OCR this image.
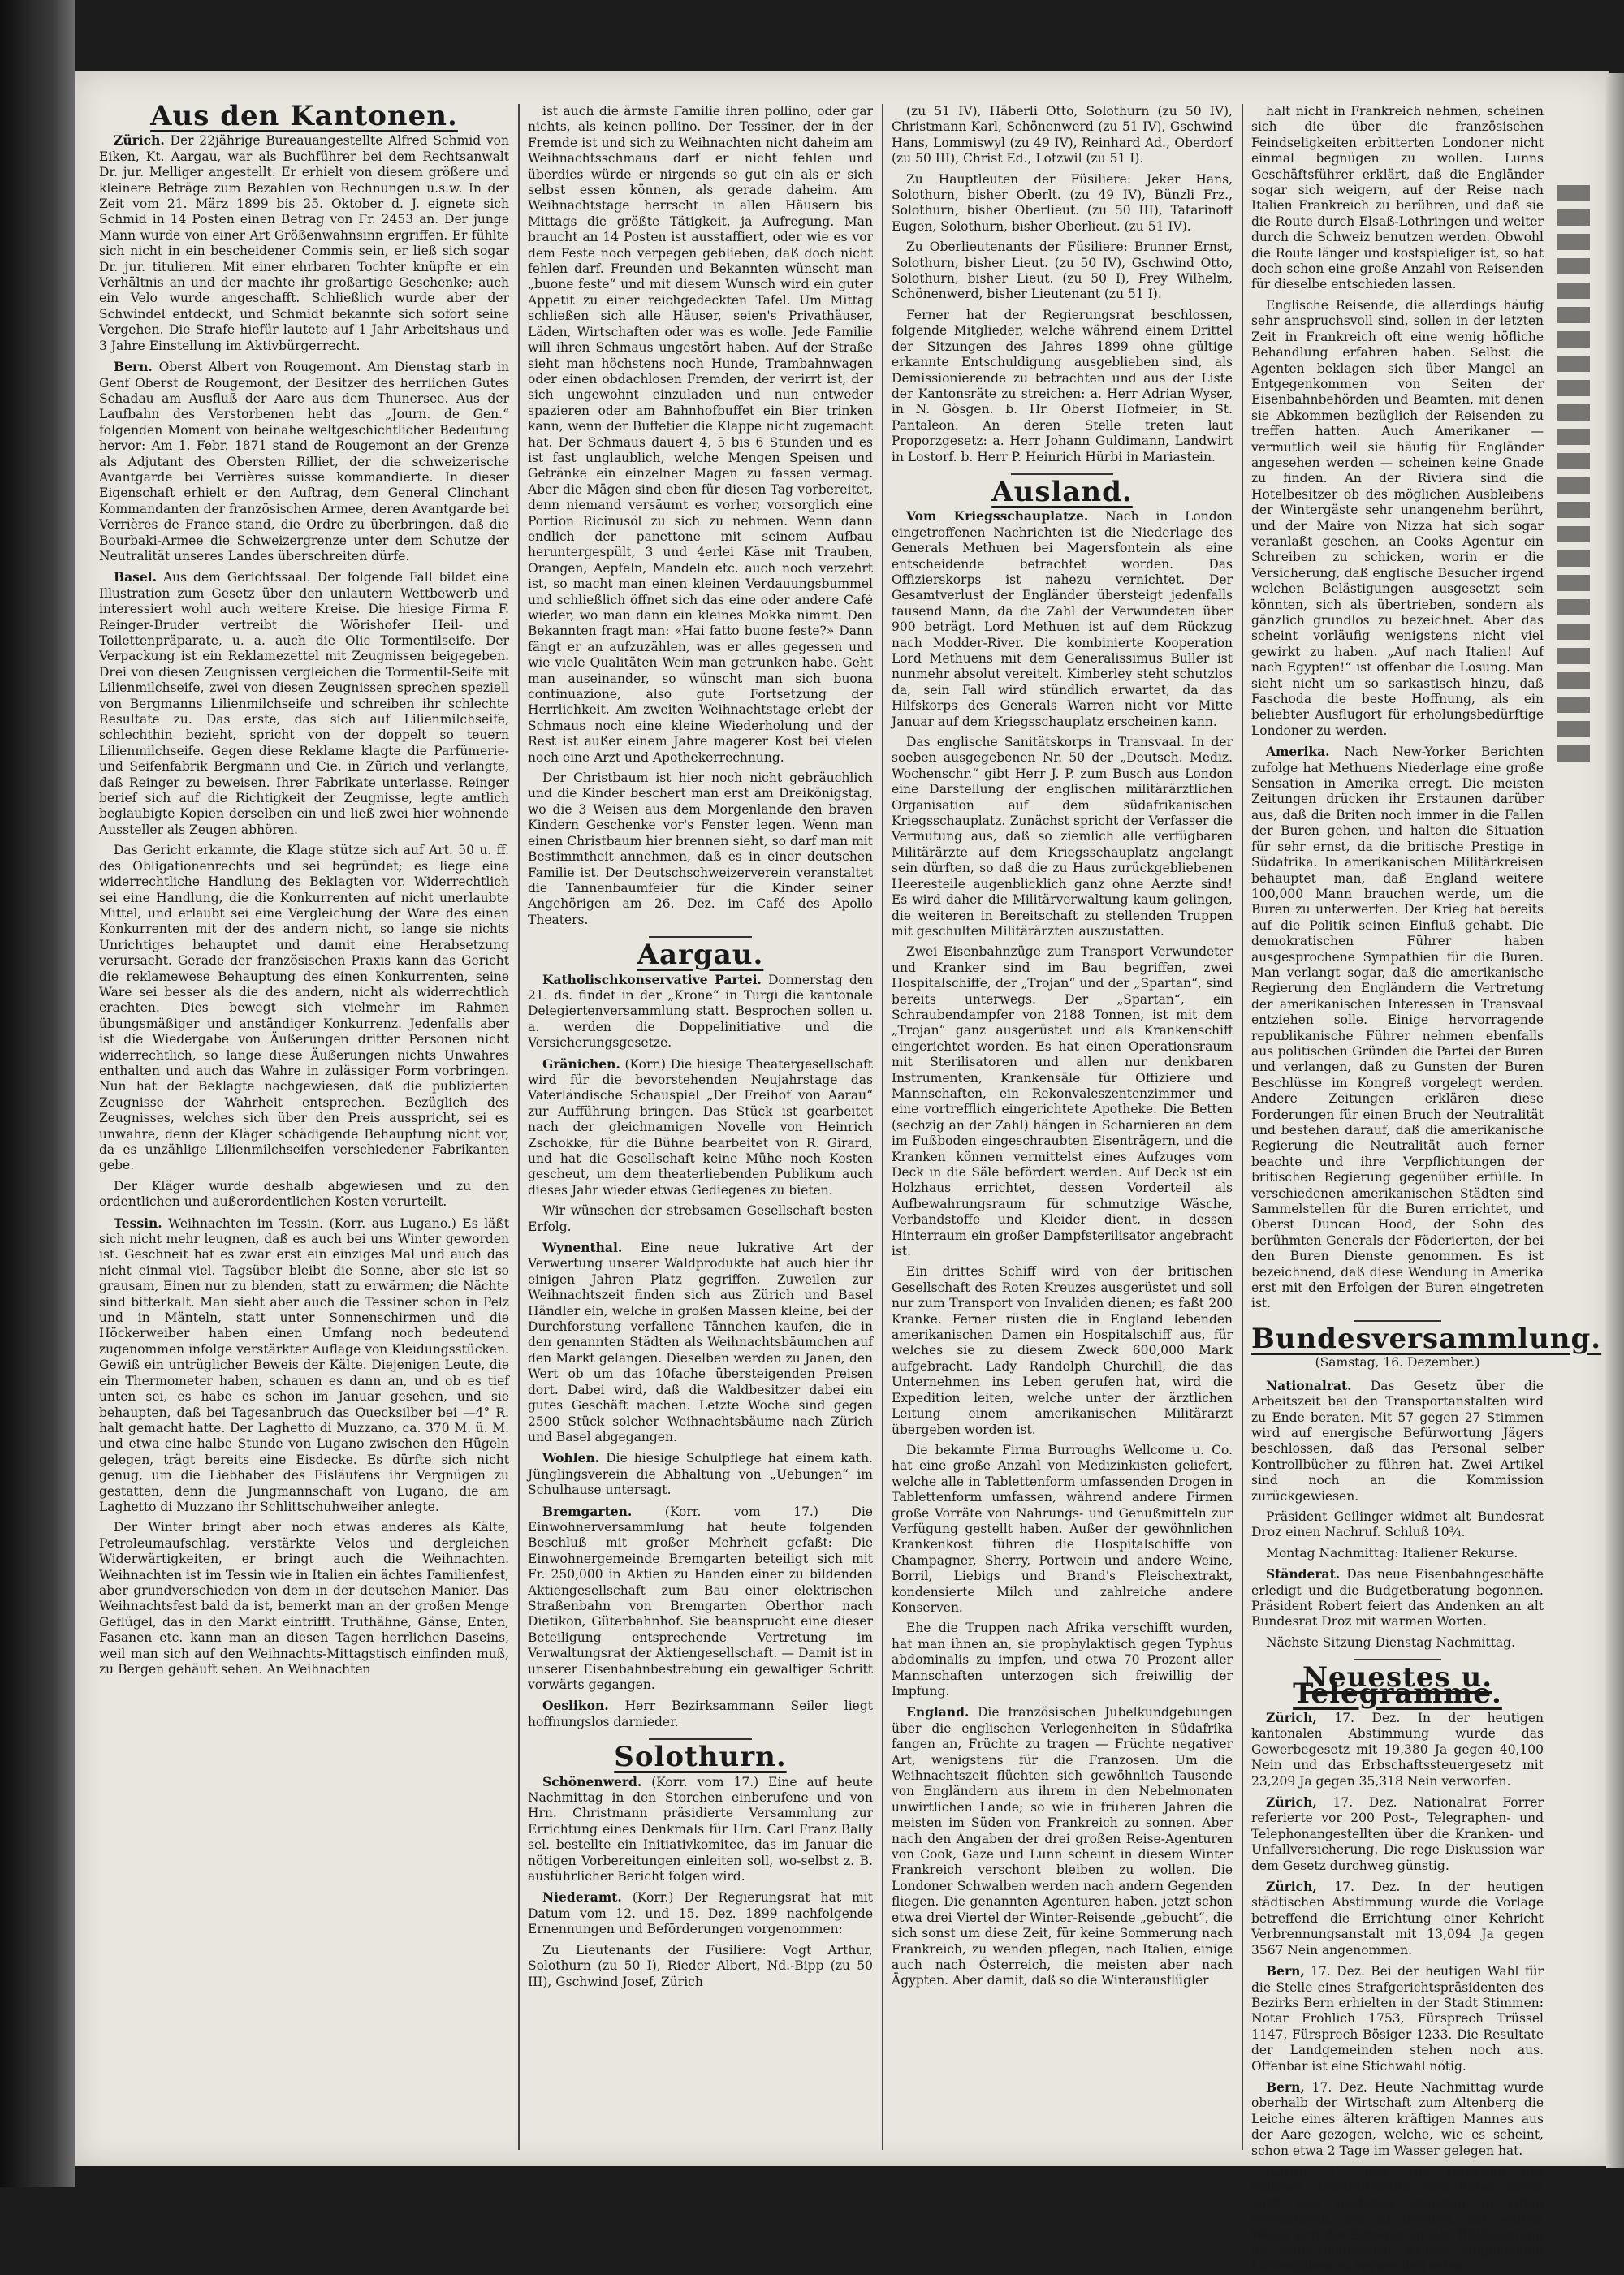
Aus den Kantonen.

Zürich. Der 22jährige Bureauangestellte Alfred Schmid von Eiken, Kt. Aargau, war als Buchführer bei dem Rechtsanwalt Dr. jur. Melliger angestellt. Er erhielt von diesem größere und kleinere Beträge zum Bezahlen von Rechnungen u.s.w. In der Zeit vom 21. März 1899 bis 25. Oktober d. J. eignete sich Schmid in 14 Posten einen Betrag von Fr. 2453 an. Der junge Mann wurde von einer Art Größenwahnsinn ergriffen. Er fühlte sich nicht in ein bescheidener Commis sein, er ließ sich sogar Dr. jur. titulieren. Mit einer ehrbaren Tochter knüpfte er ein Verhältnis an und der machte ihr großartige Geschenke; auch ein Velo wurde angeschafft. Schließlich wurde aber der Schwindel entdeckt, und Schmidt bekannte sich sofort seine Vergehen. Die Strafe hiefür lautete auf 1 Jahr Arbeitshaus und 3 Jahre Einstellung im Aktivbürgerrecht.

Bern. Oberst Albert von Rougemont. Am Dienstag starb in Genf Oberst de Rougemont, der Besitzer des herrlichen Gutes Schadau am Ausfluß der Aare aus dem Thunersee. Aus der Laufbahn des Verstorbenen hebt das „Journ. de Gen.“ folgenden Moment von beinahe weltgeschichtlicher Bedeutung hervor: Am 1. Febr. 1871 stand de Rougemont an der Grenze als Adjutant des Obersten Rilliet, der die schweizerische Avantgarde bei Verrières suisse kommandierte. In dieser Eigenschaft erhielt er den Auftrag, dem General Clinchant Kommandanten der französischen Armee, deren Avantgarde bei Verrières de France stand, die Ordre zu überbringen, daß die Bourbaki-Armee die Schweizergrenze unter dem Schutze der Neutralität unseres Landes überschreiten dürfe.

Basel. Aus dem Gerichtssaal. Der folgende Fall bildet eine Illustration zum Gesetz über den unlautern Wettbewerb und interessiert wohl auch weitere Kreise. Die hiesige Firma F. Reinger-Bruder vertreibt die Wörishofer Heil- und Toilettenpräparate, u. a. auch die Olic Tormentilseife. Der Verpackung ist ein Reklamezettel mit Zeugnissen beigegeben. Drei von diesen Zeugnissen vergleichen die Tormentil-Seife mit Lilienmilchseife, zwei von diesen Zeugnissen sprechen speziell von Bergmanns Lilienmilchseife und schreiben ihr schlechte Resultate zu. Das erste, das sich auf Lilienmilchseife, schlechthin bezieht, spricht von der doppelt so teuern Lilienmilchseife. Gegen diese Reklame klagte die Parfümerie- und Seifenfabrik Bergmann und Cie. in Zürich und verlangte, daß Reinger zu beweisen. Ihrer Fabrikate unterlasse. Reinger berief sich auf die Richtigkeit der Zeugnisse, legte amtlich beglaubigte Kopien derselben ein und ließ zwei hier wohnende Aussteller als Zeugen abhören.

Das Gericht erkannte, die Klage stütze sich auf Art. 50 u. ff. des Obligationenrechts und sei begründet; es liege eine widerrechtliche Handlung des Beklagten vor. Widerrechtlich sei eine Handlung, die die Konkurrenten auf nicht unerlaubte Mittel, und erlaubt sei eine Vergleichung der Ware des einen Konkurrenten mit der des andern nicht, so lange sie nichts Unrichtiges behauptet und damit eine Herabsetzung verursacht. Gerade der französischen Praxis kann das Gericht die reklamewese Behauptung des einen Konkurrenten, seine Ware sei besser als die des andern, nicht als widerrechtlich erachten. Dies bewegt sich vielmehr im Rahmen übungsmäßiger und anständiger Konkurrenz. Jedenfalls aber ist die Wiedergabe von Äußerungen dritter Personen nicht widerrechtlich, so lange diese Äußerungen nichts Unwahres enthalten und auch das Wahre in zulässiger Form vorbringen. Nun hat der Beklagte nachgewiesen, daß die publizierten Zeugnisse der Wahrheit entsprechen. Bezüglich des Zeugnisses, welches sich über den Preis ausspricht, sei es unwahre, denn der Kläger schädigende Behauptung nicht vor, da es unzählige Lilienmilchseifen verschiedener Fabrikanten gebe.

Der Kläger wurde deshalb abgewiesen und zu den ordentlichen und außerordentlichen Kosten verurteilt.

Tessin. Weihnachten im Tessin. (Korr. aus Lugano.) Es läßt sich nicht mehr leugnen, daß es auch bei uns Winter geworden ist. Geschneit hat es zwar erst ein einziges Mal und auch das nicht einmal viel. Tagsüber bleibt die Sonne, aber sie ist so grausam, Einen nur zu blenden, statt zu erwärmen; die Nächte sind bitterkalt. Man sieht aber auch die Tessiner schon in Pelz und in Mänteln, statt unter Sonnenschirmen und die Höckerweiber haben einen Umfang noch bedeutend zugenommen infolge verstärkter Auflage von Kleidungsstücken. Gewiß ein untrüglicher Beweis der Kälte. Diejenigen Leute, die ein Thermometer haben, schauen es dann an, und ob es tief unten sei, es habe es schon im Januar gesehen, und sie behaupten, daß bei Tagesanbruch das Quecksilber bei —4° R. halt gemacht hatte. Der Laghetto di Muzzano, ca. 370 M. ü. M. und etwa eine halbe Stunde von Lugano zwischen den Hügeln gelegen, trägt bereits eine Eisdecke. Es dürfte sich nicht genug, um die Liebhaber des Eisläufens ihr Vergnügen zu gestatten, denn die Jungmannschaft von Lugano, die am Laghetto di Muzzano ihr Schlittschuhweiher anlegte.

Der Winter bringt aber noch etwas anderes als Kälte, Petroleumaufschlag, verstärkte Velos und dergleichen Widerwärtigkeiten, er bringt auch die Weihnachten. Weihnachten ist im Tessin wie in Italien ein ächtes Familienfest, aber grundverschieden von dem in der deutschen Manier. Das Weihnachtsfest bald da ist, bemerkt man an der großen Menge Geflügel, das in den Markt eintrifft. Truthähne, Gänse, Enten, Fasanen etc. kann man an diesen Tagen herrlichen Daseins, weil man sich auf den Weihnachts-Mittagstisch einfinden muß, zu Bergen gehäuft sehen. An Weihnachten

ist auch die ärmste Familie ihren pollino, oder gar nichts, als keinen pollino. Der Tessiner, der in der Fremde ist und sich zu Weihnachten nicht daheim am Weihnachtsschmaus darf er nicht fehlen und überdies würde er nirgends so gut ein als er sich selbst essen können, als gerade daheim. Am Weihnachtstage herrscht in allen Häusern bis Mittags die größte Tätigkeit, ja Aufregung. Man braucht an 14 Posten ist ausstaffiert, oder wie es vor dem Feste noch verpegen geblieben, daß doch nicht fehlen darf. Freunden und Bekannten wünscht man „buone feste“ und mit diesem Wunsch wird ein guter Appetit zu einer reichgedeckten Tafel. Um Mittag schließen sich alle Häuser, seien's Privathäuser, Läden, Wirtschaften oder was es wolle. Jede Familie will ihren Schmaus ungestört haben. Auf der Straße sieht man höchstens noch Hunde, Trambahnwagen oder einen obdachlosen Fremden, der verirrt ist, der sich ungewohnt einzuladen und nun entweder spazieren oder am Bahnhofbuffet ein Bier trinken kann, wenn der Buffetier die Klappe nicht zugemacht hat. Der Schmaus dauert 4, 5 bis 6 Stunden und es ist fast unglaublich, welche Mengen Speisen und Getränke ein einzelner Magen zu fassen vermag. Aber die Mägen sind eben für diesen Tag vorbereitet, denn niemand versäumt es vorher, vorsorglich eine Portion Ricinusöl zu sich zu nehmen. Wenn dann endlich der panettone mit seinem Aufbau heruntergespült, 3 und 4erlei Käse mit Trauben, Orangen, Aepfeln, Mandeln etc. auch noch verzehrt ist, so macht man einen kleinen Verdauungsbummel und schließlich öffnet sich das eine oder andere Café wieder, wo man dann ein kleines Mokka nimmt. Den Bekannten fragt man: «Hai fatto buone feste?» Dann fängt er an aufzuzählen, was er alles gegessen und wie viele Qualitäten Wein man getrunken habe. Geht man auseinander, so wünscht man sich buona continuazione, also gute Fortsetzung der Herrlichkeit. Am zweiten Weihnachtstage erlebt der Schmaus noch eine kleine Wiederholung und der Rest ist außer einem Jahre magerer Kost bei vielen noch eine Arzt und Apothekerrechnung.

Der Christbaum ist hier noch nicht gebräuchlich und die Kinder beschert man erst am Dreikönigstag, wo die 3 Weisen aus dem Morgenlande den braven Kindern Geschenke vor's Fenster legen. Wenn man einen Christbaum hier brennen sieht, so darf man mit Bestimmtheit annehmen, daß es in einer deutschen Familie ist. Der Deutschschweizerverein veranstaltet die Tannenbaumfeier für die Kinder seiner Angehörigen am 26. Dez. im Café des Apollo Theaters.

Aargau.

Katholischkonservative Partei. Donnerstag den 21. ds. findet in der „Krone“ in Turgi die kantonale Delegiertenversammlung statt. Besprochen sollen u. a. werden die Doppelinitiative und die Versicherungsgesetze.

Gränichen. (Korr.) Die hiesige Theatergesellschaft wird für die bevorstehenden Neujahrstage das Vaterländische Schauspiel „Der Freihof von Aarau“ zur Aufführung bringen. Das Stück ist gearbeitet nach der gleichnamigen Novelle von Heinrich Zschokke, für die Bühne bearbeitet von R. Girard, und hat die Gesellschaft keine Mühe noch Kosten gescheut, um dem theaterliebenden Publikum auch dieses Jahr wieder etwas Gediegenes zu bieten.

Wir wünschen der strebsamen Gesellschaft besten Erfolg.

Wynenthal. Eine neue lukrative Art der Verwertung unserer Waldprodukte hat auch hier ihr einigen Jahren Platz gegriffen. Zuweilen zur Weihnachtszeit finden sich aus Zürich und Basel Händler ein, welche in großen Massen kleine, bei der Durchforstung verfallene Tännchen kaufen, die in den genannten Städten als Weihnachtsbäumchen auf den Markt gelangen. Dieselben werden zu Janen, den Wert ob um das 10fache übersteigenden Preisen dort. Dabei wird, daß die Waldbesitzer dabei ein gutes Geschäft machen. Letzte Woche sind gegen 2500 Stück solcher Weihnachtsbäume nach Zürich und Basel abgegangen.

Wohlen. Die hiesige Schulpflege hat einem kath. Jünglingsverein die Abhaltung von „Uebungen“ im Schulhause untersagt.

Bremgarten.	(Korr. vom 17.) Die Einwohnerversammlung hat heute folgenden Beschluß mit großer Mehrheit gefaßt: Die Einwohnergemeinde Bremgarten beteiligt sich mit Fr. 250,000 in Aktien zu Handen einer zu bildenden Aktiengesellschaft zum Bau einer elektrischen Straßenbahn von Bremgarten Oberthor nach Dietikon, Güterbahnhof. Sie beansprucht eine dieser Beteiligung entsprechende Vertretung im Verwaltungsrat der Aktiengesellschaft. — Damit ist in unserer Eisenbahnbestrebung ein gewaltiger Schritt vorwärts gegangen.

Oeslikon. Herr Bezirksammann Seiler liegt hoffnungslos darnieder.

Solothurn.

Schönenwerd. (Korr. vom 17.) Eine auf heute Nachmittag in den Storchen einberufene und von Hrn. Christmann präsidierte Versammlung zur Errichtung eines Denkmals für Hrn. Carl Franz Bally sel. bestellte ein Initiativkomitee, das im Januar die nötigen Vorbereitungen einleiten soll, wo-selbst z. B. ausführlicher Bericht folgen wird.

Niederamt. (Korr.) Der Regierungsrat hat mit Datum vom 12. und 15. Dez. 1899 nachfolgende Ernennungen und Beförderungen vorgenommen:

Zu Lieutenants der Füsiliere: Vogt Arthur, Solothurn (zu 50 I), Rieder Albert, Nd.-Bipp (zu 50 III), Gschwind Josef, Zürich

(zu 51 IV), Häberli Otto, Solothurn (zu 50 IV), Christmann Karl, Schönenwerd (zu 51 IV), Gschwind Hans, Lommiswyl (zu 49 IV), Reinhard Ad., Oberdorf (zu 50 III), Christ Ed., Lotzwil (zu 51 I).

Zu Hauptleuten der Füsiliere: Jeker Hans, Solothurn, bisher Oberlt. (zu 49 IV), Bünzli Frz., Solothurn, bisher Oberlieut. (zu 50 III), Tatarinoff Eugen, Solothurn, bisher Oberlieut. (zu 51 IV).

Zu Oberlieutenants der Füsiliere: Brunner Ernst, Solothurn, bisher Lieut. (zu 50 IV), Gschwind Otto, Solothurn, bisher Lieut. (zu 50 I), Frey Wilhelm, Schönenwerd, bisher Lieutenant (zu 51 I).

Ferner hat der Regierungsrat beschlossen, folgende Mitglieder, welche während einem Drittel der Sitzungen des Jahres 1899 ohne gültige erkannte Entschuldigung ausgeblieben sind, als Demissionierende zu betrachten und aus der Liste der Kantonsräte zu streichen: a. Herr Adrian Wyser, in N. Gösgen. b. Hr. Oberst Hofmeier, in St. Pantaleon. An deren Stelle treten laut Proporzgesetz: a. Herr Johann Guldimann, Landwirt in Lostorf. b. Herr P. Heinrich Hürbi in Mariastein.

Ausland.

Vom Kriegsschauplatze. Nach in London eingetroffenen Nachrichten ist die Niederlage des Generals Methuen bei Magersfontein als eine entscheidende betrachtet worden. Das Offizierskorps ist nahezu vernichtet. Der Gesamtverlust der Engländer übersteigt jedenfalls tausend Mann, da die Zahl der Verwundeten über 900 beträgt. Lord Methuen ist auf dem Rückzug nach Modder-River. Die kombinierte Kooperation Lord Methuens mit dem Generalissimus Buller ist nunmehr absolut vereitelt. Kimberley steht schutzlos da, sein Fall wird stündlich erwartet, da das Hilfskorps des Generals Warren nicht vor Mitte Januar auf dem Kriegsschauplatz erscheinen kann.

Das englische Sanitätskorps in Transvaal. In der soeben ausgegebenen Nr. 50 der „Deutsch. Mediz. Wochenschr.“ gibt Herr J. P. zum Busch aus London eine Darstellung der englischen militärärztlichen Organisation auf dem südafrikanischen Kriegsschauplatz. Zunächst spricht der Verfasser die Vermutung aus, daß so ziemlich alle verfügbaren Militärärzte auf dem Kriegsschauplatz angelangt sein dürften, so daß die zu Haus zurückgebliebenen Heeresteile augenblicklich ganz ohne Aerzte sind! Es wird daher die Militärverwaltung kaum gelingen, die weiteren in Bereitschaft zu stellenden Truppen mit geschulten Militärärzten auszustatten.

Zwei Eisenbahnzüge zum Transport Verwundeter und Kranker sind im Bau begriffen, zwei Hospitalschiffe, der „Trojan“ und der „Spartan“, sind bereits unterwegs. Der „Spartan“, ein Schraubendampfer von 2188 Tonnen, ist mit dem „Trojan“ ganz ausgerüstet und als Krankenschiff eingerichtet worden. Es hat einen Operationsraum mit Sterilisatoren und allen nur denkbaren Instrumenten, Krankensäle für Offiziere und Mannschaften, ein Rekonvaleszentenzimmer und eine vortrefflich eingerichtete Apotheke. Die Betten (sechzig an der Zahl) hängen in Scharnieren an dem im Fußboden eingeschraubten Eisenträgern, und die Kranken können vermittelst eines Aufzuges vom Deck in die Säle befördert werden. Auf Deck ist ein Holzhaus errichtet, dessen Vorderteil als Aufbewahrungsraum für schmutzige Wäsche, Verbandstoffe und Kleider dient, in dessen Hinterraum ein großer Dampfsterilisator angebracht ist.

Ein drittes Schiff wird von der britischen Gesellschaft des Roten Kreuzes ausgerüstet und soll nur zum Transport von Invaliden dienen; es faßt 200 Kranke. Ferner rüsten die in England lebenden amerikanischen Damen ein Hospitalschiff aus, für welches sie zu diesem Zweck 600,000 Mark aufgebracht. Lady Randolph Churchill, die das Unternehmen ins Leben gerufen hat, wird die Expedition leiten, welche unter der ärztlichen Leitung einem amerikanischen Militärarzt übergeben worden ist.

Die bekannte Firma Burroughs Wellcome u. Co. hat eine große Anzahl von Medizinkisten geliefert, welche alle in Tablettenform umfassenden Drogen in Tablettenform umfassen, während andere Firmen große Vorräte von Nahrungs- und Genußmitteln zur Verfügung gestellt haben. Außer der gewöhnlichen Krankenkost führen die Hospitalschiffe von Champagner, Sherry, Portwein und andere Weine, Borril, Liebigs und Brand's Fleischextrakt, kondensierte Milch und zahlreiche andere Konserven.

Ehe die Truppen nach Afrika verschifft wurden, hat man ihnen an, sie prophylaktisch gegen Typhus abdominalis zu impfen, und etwa 70 Prozent aller Mannschaften unterzogen sich freiwillig der Impfung.

England. Die französischen Jubelkundgebungen über die englischen Verlegenheiten in Südafrika fangen an, Früchte zu tragen — Früchte negativer Art, wenigstens für die Franzosen. Um die Weihnachtszeit flüchten sich gewöhnlich Tausende von Engländern aus ihrem in den Nebelmonaten unwirtlichen Lande; so wie in früheren Jahren die meisten im Süden von Frankreich zu sonnen. Aber nach den Angaben der drei großen Reise-Agenturen von Cook, Gaze und Lunn scheint in diesem Winter Frankreich verschont bleiben zu wollen. Die Londoner Schwalben werden nach andern Gegenden fliegen. Die genannten Agenturen haben, jetzt schon etwa drei Viertel der Winter-Reisende „gebucht“, die sich sonst um diese Zeit, für keine Sommerung nach Frankreich, zu wenden pflegen, nach Italien, einige auch nach Österreich, die meisten aber nach Ägypten. Aber damit, daß so die Winterausflügler

halt nicht in Frankreich nehmen, scheinen sich die über die französischen Feindseligkeiten erbitterten Londoner nicht einmal begnügen zu wollen. Lunns Geschäftsführer erklärt, daß die Engländer sogar sich weigern, auf der Reise nach Italien Frankreich zu berühren, und daß sie die Route durch Elsaß-Lothringen und weiter durch die Schweiz benutzen werden. Obwohl die Route länger und kostspieliger ist, so hat doch schon eine große Anzahl von Reisenden für dieselbe entschieden lassen.

Englische Reisende, die allerdings häufig sehr anspruchsvoll sind, sollen in der letzten Zeit in Frankreich oft eine wenig höfliche Behandlung erfahren haben. Selbst die Agenten beklagen sich über Mangel an Entgegenkommen von Seiten der Eisenbahnbehörden und Beamten, mit denen sie Abkommen bezüglich der Reisenden zu treffen hatten. Auch Amerikaner — vermutlich weil sie häufig für Engländer angesehen werden — scheinen keine Gnade zu finden. An der Riviera sind die Hotelbesitzer ob des möglichen Ausbleibens der Wintergäste sehr unangenehm berührt, und der Maire von Nizza hat sich sogar veranlaßt gesehen, an Cooks Agentur ein Schreiben zu schicken, worin er die Versicherung, daß englische Besucher irgend welchen Belästigungen ausgesetzt sein könnten, sich als übertrieben, sondern als gänzlich grundlos zu bezeichnet. Aber das scheint vorläufig wenigstens nicht viel gewirkt zu haben. „Auf nach Italien! Auf nach Egypten!“ ist offenbar die Losung. Man sieht nicht um so sarkastisch hinzu, daß Faschoda die beste Hoffnung, als ein beliebter Ausflugort für erholungsbedürftige Londoner zu werden.

Amerika. Nach New-Yorker Berichten zufolge hat Methuens Niederlage eine große Sensation in Amerika erregt. Die meisten Zeitungen drücken ihr Erstaunen darüber aus, daß die Briten noch immer in die Fallen der Buren gehen, und halten die Situation für sehr ernst, da die britische Prestige in Südafrika. In amerikanischen Militärkreisen behauptet man, daß England weitere 100,000 Mann brauchen werde, um die Buren zu unterwerfen. Der Krieg hat bereits auf die Politik seinen Einfluß gehabt. Die demokratischen Führer haben ausgesprochene Sympathien für die Buren. Man verlangt sogar, daß die amerikanische Regierung den Engländern die Vertretung der amerikanischen Interessen in Transvaal entziehen solle. Einige hervorragende republikanische Führer nehmen ebenfalls aus politischen Gründen die Partei der Buren und verlangen, daß zu Gunsten der Buren Beschlüsse im Kongreß vorgelegt werden. Andere Zeitungen erklären diese Forderungen für einen Bruch der Neutralität und bestehen darauf, daß die amerikanische Regierung die Neutralität auch ferner beachte und ihre Verpflichtungen der britischen Regierung gegenüber erfülle. In verschiedenen amerikanischen Städten sind Sammelstellen für die Buren errichtet, und Oberst Duncan Hood, der Sohn des berühmten Generals der Föderierten, der bei den Buren Dienste genommen. Es ist bezeichnend, daß diese Wendung in Amerika erst mit den Erfolgen der Buren eingetreten ist.

Bundesversammlung.
(Samstag, 16. Dezember.)

Nationalrat. Das Gesetz über die Arbeitszeit bei den Transportanstalten wird zu Ende beraten. Mit 57 gegen 27 Stimmen wird auf energische Befürwortung Jägers beschlossen, daß das Personal selber Kontrollbücher zu führen hat. Zwei Artikel sind noch an die Kommission zurückgewiesen.

Präsident Geilinger widmet alt Bundesrat Droz einen Nachruf. Schluß 10¾.

Montag Nachmittag: Italiener Rekurse.

Ständerat. Das neue Eisenbahngeschäfte erledigt und die Budgetberatung begonnen. Präsident Robert feiert das Andenken an alt Bundesrat Droz mit warmen Worten.

Nächste Sitzung Dienstag Nachmittag.

Neuestes u. Telegramme.

Zürich, 17. Dez. In der heutigen kantonalen Abstimmung wurde das Gewerbegesetz mit 19,380 Ja gegen 40,100 Nein und das Erbschaftssteuergesetz mit 23,209 Ja gegen 35,318 Nein verworfen.

Zürich, 17. Dez. Nationalrat Forrer referierte vor 200 Post-, Telegraphen- und Telephonangestellten über die Kranken- und Unfallversicherung. Die rege Diskussion war dem Gesetz durchweg günstig.

Zürich, 17. Dez. In der heutigen städtischen Abstimmung wurde die Vorlage betreffend die Errichtung einer Kehricht Verbrennungsanstalt mit 13,094 Ja gegen 3567 Nein angenommen.

Bern, 17. Dez. Bei der heutigen Wahl für die Stelle eines Strafgerichtspräsidenten des Bezirks Bern erhielten in der Stadt Stimmen: Notar Frohlich 1753, Fürsprech Trüssel 1147, Fürsprech Bösiger 1233. Die Resultate der Landgemeinden stehen noch aus. Offenbar ist eine Stichwahl nötig.

Bern, 17. Dez. Heute Nachmittag wurde oberhalb der Wirtschaft zum Altenberg die Leiche eines älteren kräftigen Mannes aus der Aare gezogen, welche, wie es scheint, schon etwa 2 Tage im Wasser gelegen hat.

Aarau, 17. Dez. Die Direktion des Schweiz. Centralvereins vom Roten Kreuz wird sich nächsten Dienstag in Olten versammeln, um zu beraten, auf welche Weise sich die Schweiz an der Hülfeleistung im Südafrikanischen Kriege eingehenden Liebesgaben zu verwenden seien.
